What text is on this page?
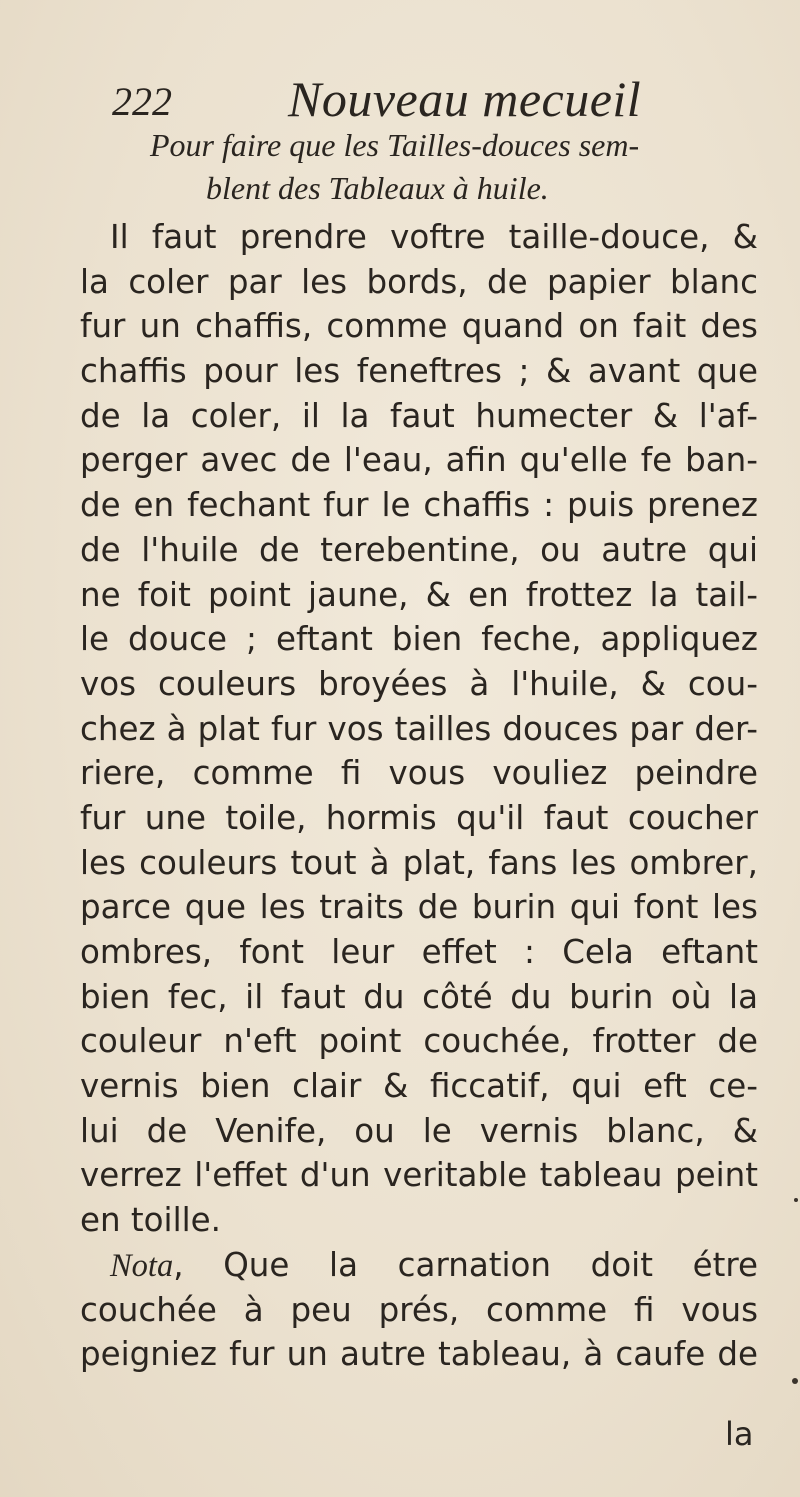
222 Nouveau mecueil
Pour faire que les Tailles-douces sem-
blent des Tableaux à huile.
Il faut prendre voftre taille-douce, &
la coler par les bords, de papier blanc
fur un chaffis, comme quand on fait des
chaffis pour les feneftres ; & avant que
de la coler, il la faut humecter & l'af-
perger avec de l'eau, afin qu'elle fe ban-
de en fechant fur le chaffis : puis prenez
de l'huile de terebentine, ou autre qui
ne foit point jaune, & en frottez la tail-
le douce ; eftant bien feche, appliquez
vos couleurs broyées à l'huile, & cou-
chez à plat fur vos tailles douces par der-
riere, comme fi vous vouliez peindre
fur une toile, hormis qu'il faut coucher
les couleurs tout à plat, fans les ombrer,
parce que les traits de burin qui font les
ombres, font leur effet : Cela eftant
bien fec, il faut du côté du burin où la
couleur n'eft point couchée, frotter de
vernis bien clair & ficcatif, qui eft ce-
lui de Venife, ou le vernis blanc, &
verrez l'effet d'un veritable tableau peint
en toille.
Nota, Que la carnation doit étre
couchée à peu prés, comme fi vous
peigniez fur un autre tableau, à caufe de
la
